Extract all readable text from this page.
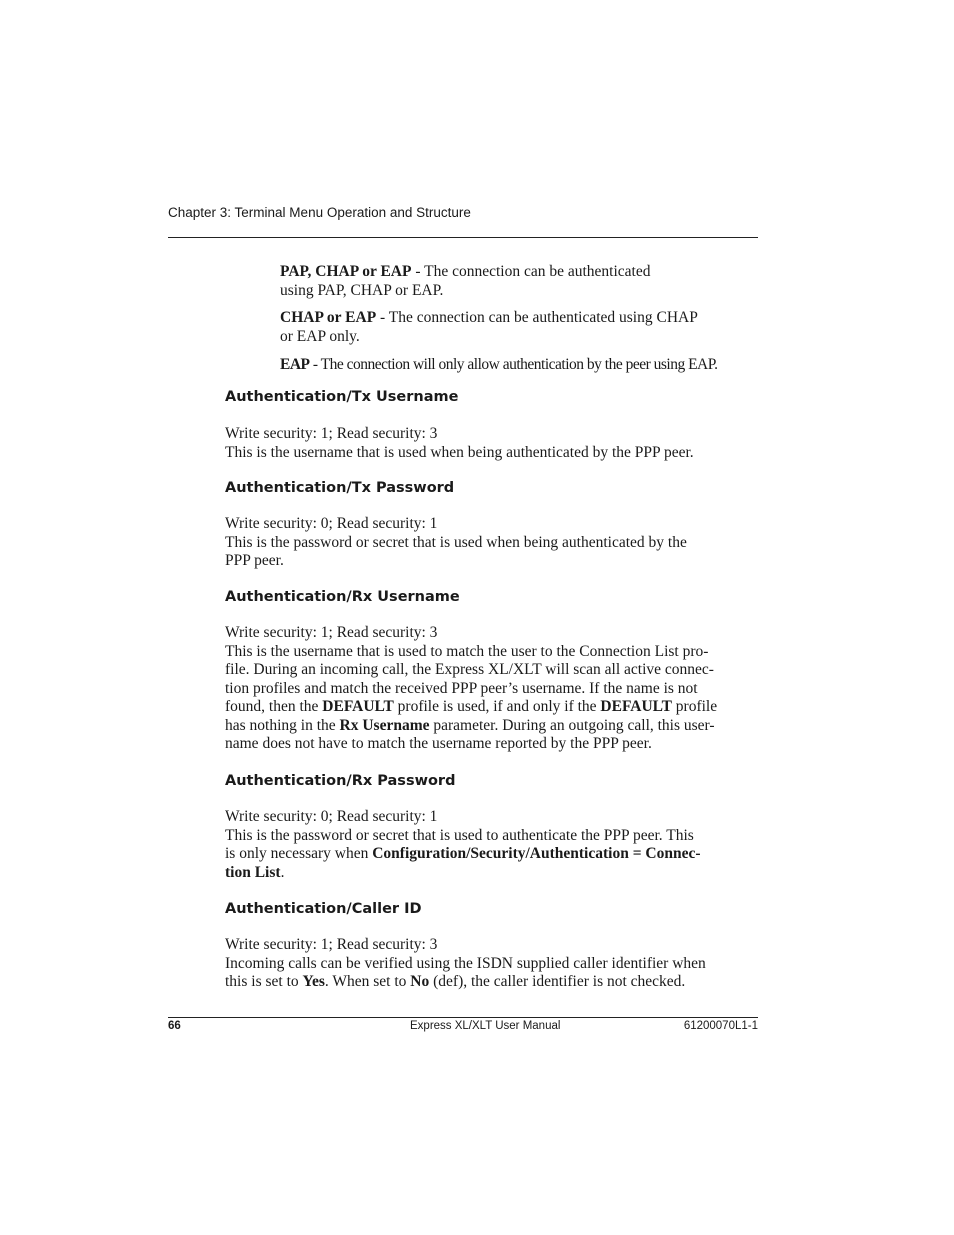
Chapter 3: Terminal Menu Operation and Structure

PAP, CHAP or EAP - The connection can be authenticated
using PAP, CHAP or EAP.

CHAP or EAP - The connection can be authenticated using CHAP
or EAP only.

EAP - The connection will only allow authentication by the peer using EAP.

Authentication/Tx Username

Write security: 1; Read security: 3
This is the username that is used when being authenticated by the PPP peer.

Authentication/Tx Password

Write security: 0; Read security: 1
This is the password or secret that is used when being authenticated by the
PPP peer.

Authentication/Rx Username

Write security: 1; Read security: 3
This is the username that is used to match the user to the Connection List pro-
file. During an incoming call, the Express XL/XLT will scan all active connec-
tion profiles and match the received PPP peer’s username. If the name is not
found, then the DEFAULT profile is used, if and only if the DEFAULT profile
has nothing in the Rx Username parameter. During an outgoing call, this user-
name does not have to match the username reported by the PPP peer.

Authentication/Rx Password

Write security: 0; Read security: 1
This is the password or secret that is used to authenticate the PPP peer. This
is only necessary when Configuration/Security/Authentication = Connec-
tion List.

Authentication/Caller ID

Write security: 1; Read security: 3
Incoming calls can be verified using the ISDN supplied caller identifier when
this is set to Yes. When set to No (def), the caller identifier is not checked.

66	Express XL/XLT User Manual	61200070L1-1
